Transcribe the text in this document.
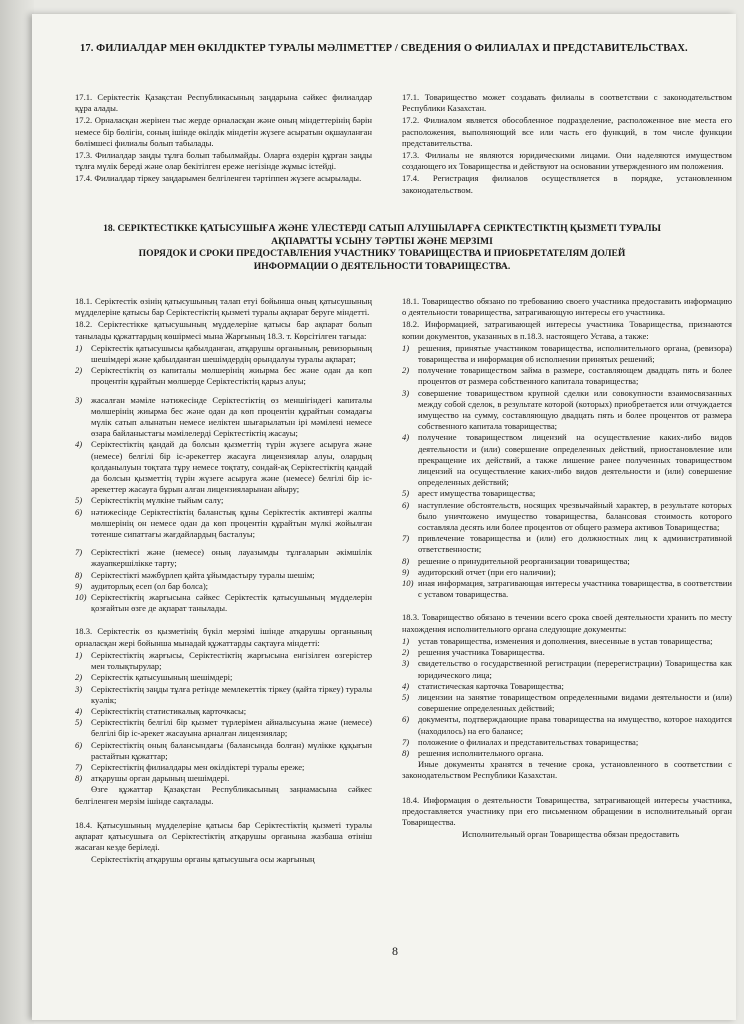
17. ФИЛИАЛДАР МЕН ӨКІЛДІКТЕР ТУРАЛЫ МӘЛІМЕТТЕР / СВЕДЕНИЯ О ФИЛИАЛАХ И ПРЕДСТАВИТЕЛЬСТВАХ.

17.1. Серіктестік Қазақстан Республикасының заңдарына сәйкес филиалдар құра алады.

17.2. Орналасқан жерінен тыс жерде орналасқан және оның міндеттерінің бәрін немесе бір бөлігін, соның ішінде өкілдік міндетін жүзеге асыратын оқшауланған бөлімшесі филиалы болып табылады.

17.3. Филиалдар заңды тұлға болып табылмайды. Оларға өздерін құрған заңды тұлға мүлік береді және олар бекітілген ереже негізінде жұмыс істейді.

17.4. Филиалдар тіркеу заңдарымен белгіленген тәртіппен жүзеге асырылады.

17.1. Товарищество может создавать филиалы в соответствии с законодательством Республики Казахстан.

17.2. Филиалом является обособленное подразделение, расположенное вне места его расположения, выполняющий все или часть его функций, в том числе функции представительства.

17.3. Филиалы не являются юридическими лицами. Они наделяются имуществом создающего их Товарищества и действуют на основании утвержденного им положения.

17.4. Регистрация филиалов осуществляется в порядке, установленном законодательством.

18. СЕРІКТЕСТІККЕ ҚАТЫСУШЫҒА ЖӘНЕ ҮЛЕСТЕРДІ САТЫП АЛУШЫЛАРҒА СЕРІКТЕСТІКТІҢ ҚЫЗМЕТІ ТУРАЛЫ
АҚПАРАТТЫ ҰСЫНУ ТӘРТІБІ ЖӘНЕ МЕРЗІМІ
ПОРЯДОК И СРОКИ ПРЕДОСТАВЛЕНИЯ УЧАСТНИКУ ТОВАРИЩЕСТВА И ПРИОБРЕТАТЕЛЯМ ДОЛЕЙ
ИНФОРМАЦИИ О ДЕЯТЕЛЬНОСТИ ТОВАРИЩЕСТВА.

18.1. Серіктестік өзінің қатысушының талап етуі бойынша оның қатысушының мүдделеріне қатысы бар Серіктестіктің қызметі туралы ақпарат беруге міндетті.

18.2. Серіктестікке қатысушының мүдделеріне қатысы бар ақпарат болып танылады құжаттардың көшірмесі мына Жарғының 18.3. т. Көрсітілген тағыда:

1)	Серіктестік қатысушысы қабылданған, атқарушы органының, ревизорының шешімдері және қабылданған шешімдердің орындалуы туралы ақпарат;
2)	Серіктестіктің өз капиталы мөлшерінің жиырма бес және одан да көп процентін құрайтын мөлшерде Серіктестіктің қарыз алуы;
3)	жасалған мәміле нәтижесінде Серіктестіктің өз меншігіндегі капиталы мөлшерінің жиырма бес және одан да көп процентін құрайтын сомадағы мүлік сатып алынатын немесе иеліктен шығарылатын ірі мәмілені немесе өзара байланыстағы мәмілелерді Серіктестіктің жасауы;
4)	Серіктестіктің қандай да болсын қызметтің түрін жүзеге асыруға және (немесе) белгілі бір іс-әрекеттер жасауға лицензиялар алуы, олардың қолданылуын тоқтата тұру немесе тоқтату, сондай-ақ Серіктестіктің қандай да болсын қызметтің түрін жүзеге асыруға және (немесе) белгілі бір іс-әрекеттер жасауға бұрын алған лицензияларынан айыру;
5)	Серіктестіктің мүлкіне тыйым салу;
6)	нәтижесінде Серіктестіктің баланстық құны Серіктестік активтері жалпы мөлшерінің он немесе одан да көп процентін құрайтын мүлкі жойылған төтенше сипаттағы жағдайлардың басталуы;
7)	Серіктестікті және (немесе) оның лауазымды тұлғаларын әкімшілік жауапкершілікке тарту;
8)	Серіктестікті мәжбүрлеп қайта ұйымдастыру туралы шешім;
9)	аудиторлық есеп (ол бар болса);
10) Серіктестіктің жарғысына сәйкес Серіктестік қатысушының мүдделерін қозғайтын өзге де ақпарат танылады.

18.3. Серіктестік өз қызметінің бүкіл мерзімі ішінде атқарушы органының орналасқан жері бойынша мынадай құжаттарды сақтауға міндетті:

1)	Серіктестіктің жарғысы, Серіктестіктің жарғысына енгізілген өзгерістер мен толықтырулар;
2)	Серіктестік қатысушының шешімдері;
3)	Серіктестіктің заңды тұлға ретінде мемлекеттік тіркеу (қайта тіркеу) туралы куәлік;
4)	Серіктестіктің статистикалық карточкасы;
5)	Серіктестіктің белгілі бір қызмет түрлерімен айналысуына және (немесе) белгілі бір іс-әрекет жасауына арналған лицензиялар;
6)	Серіктестіктің оның балансындағы (балансында болған) мүлікке құқығын растайтын құжаттар;
7)	Серіктестіктің филиалдары мен өкілдіктері туралы ереже;
8)	атқарушы орган дарының шешімдері.

Өзге құжаттар Қазақстан Республикасының заңнамасына сәйкес белгіленген мерзім ішінде сақталады.

18.4. Қатысушының мүдделеріне қатысы бар Серіктестіктің қызметі туралы ақпарат қатысушыға ол Серіктестіктің атқарушы органына жазбаша өтініш жасаған кезде беріледі.

Серіктестіктің атқарушы органы қатысушыға осы жарғының

18.1. Товарищество обязано по требованию своего участника предоставить информацию о деятельности товарищества, затрагивающую интересы его участника.

18.2. Информацией, затрагивающей интересы участника Товарищества, признаются копии документов, указанных в п.18.3. настоящего Устава, а также:

1)	решения, принятые участником товарищества, исполнительного органа, (ревизора) товарищества и информация об исполнении принятых решений;
2)	получение товариществом займа в размере, составляющем двадцать пять и более процентов от размера собственного капитала товарищества;
3)	совершение товариществом крупной сделки или совокупности взаимосвязанных между собой сделок, в результате которой (которых) приобретается или отчуждается имущество на сумму, составляющую двадцать пять и более процентов от размера собственного капитала товарищества;
4)	получение товариществом лицензий на осуществление каких-либо видов деятельности и (или) совершение определенных действий, приостановление или прекращение их действий, а также лишение ранее полученных товариществом лицензий на осуществление каких-либо видов деятельности и (или) совершение определенных действий;
5)	арест имущества товарищества;
6)	наступление обстоятельств, носящих чрезвычайный характер, в результате которых было уничтожено имущество товарищества, балансовая стоимость которого составляла десять или более процентов от общего размера активов Товарищества;
7)	привлечение товарищества и (или) его должностных лиц к административной ответственности;
8)	решение о принудительной реорганизации товарищества;
9)	аудиторский отчет (при его наличии);
10) иная информация, затрагивающая интересы участника товарищества, в соответствии с уставом товарищества.

18.3. Товарищество обязано в течении всего срока своей деятельности хранить по месту нахождения исполнительного органа следующие документы:

1)	устав товарищества, изменения и дополнения, внесенные в устав товарищества;
2)	решения участника Товарищества.
3)	свидетельство о государственной регистрации (перерегистрации) Товарищества как юридического лица;
4)	статистическая карточка Товарищества;
5)	лицензии на занятие товариществом определенными видами деятельности и (или) совершение определенных действий;
6)	документы, подтверждающие права товарищества на имущество, которое находится (находилось) на его балансе;
7)	положение о филиалах и представительствах товарищества;
8)	решения исполнительного органа.

Иные документы хранятся в течение срока, установленного в соответствии с законодательством Республики Казахстан.

18.4. Информация о деятельности Товарищества, затрагивающей интересы участника, предоставляется участнику при его письменном обращении в исполнительный орган Товарищества.

Исполнительный орган Товарищества обязан предоставить

8
